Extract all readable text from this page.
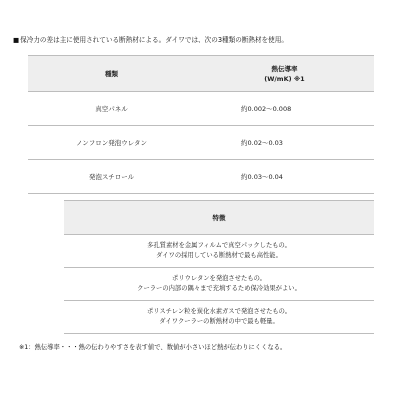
■保冷力の差は主に使用されている断熱材による。ダイワでは、次の3種類の断熱材を使用。
種類	熱伝導率
(W/mK) ※1

真空パネル	約0.002〜0.008
ノンフロン発泡ウレタン	約0.02〜0.03
発泡スチロール	約0.03〜0.04
特徴

多孔質素材を金属フィルムで真空パックしたもの。
ダイワの採用している断熱材で最も高性能。

ポリウレタンを発泡させたもの。
クーラーの内部の隅々まで充填するため保冷効果がよい。

ポリスチレン粒を炭化水素ガスで発泡させたもの。
ダイワクーラーの断熱材の中で最も軽量。
※1：熱伝導率・・・熱の伝わりやすさを表す値で、数値が小さいほど熱が伝わりにくくなる。
